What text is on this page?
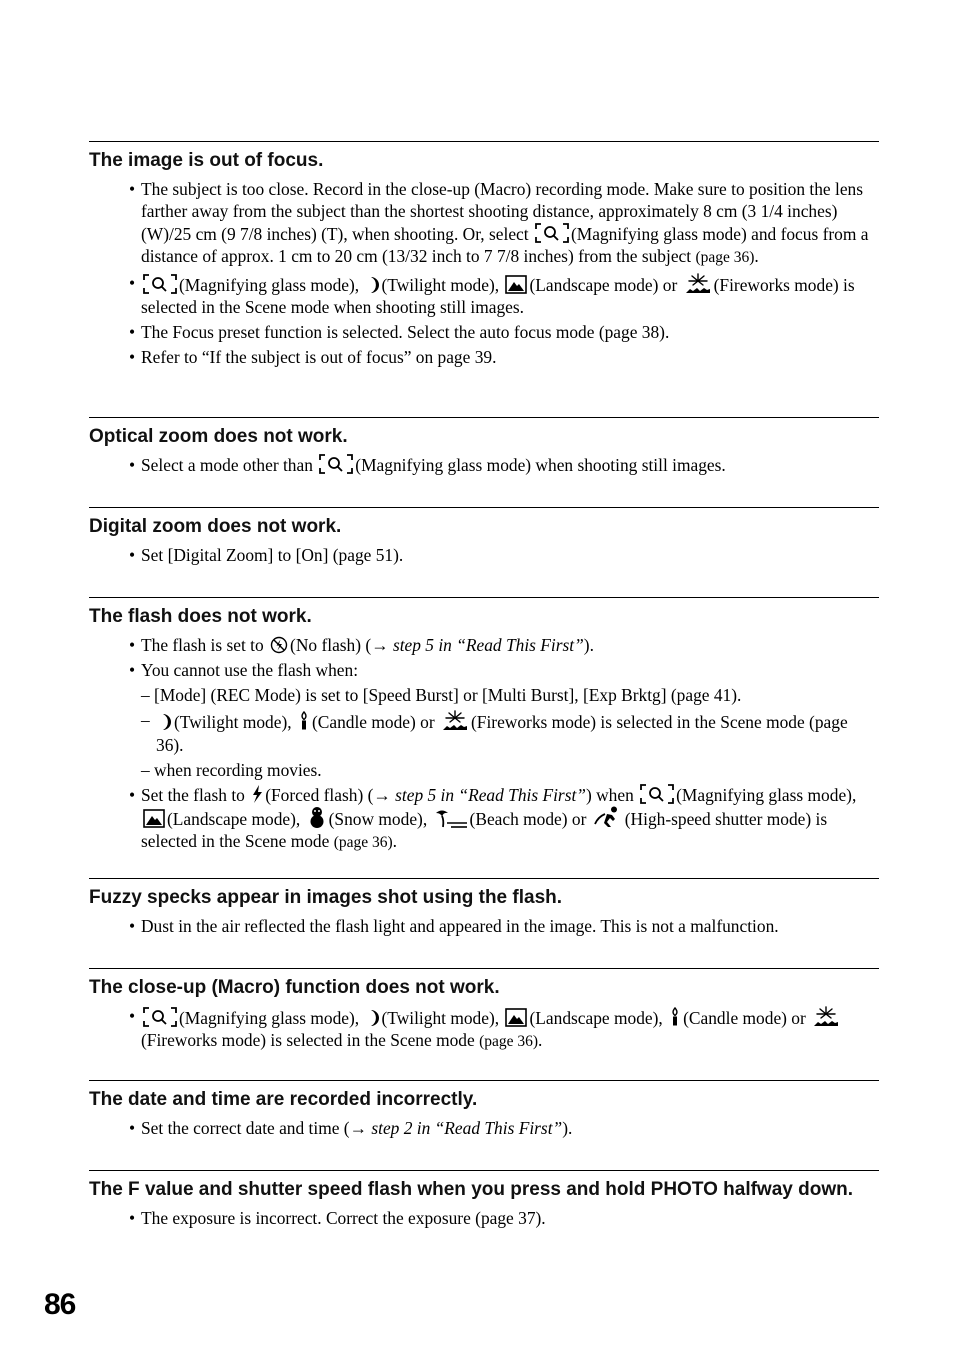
The image is out of focus.
• The subject is too close. Record in the close-up (Macro) recording mode. Make sure to position the lens farther away from the subject than the shortest shooting distance, approximately 8 cm (3 1/4 inches) (W)/25 cm (9 7/8 inches) (T), when shooting. Or, select (Magnifying glass mode) and focus from a distance of approx. 1 cm to 20 cm (13/32 inch to 7 7/8 inches) from the subject (page 36).
• (Magnifying glass mode), (Twilight mode), (Landscape mode) or (Fireworks mode) is selected in the Scene mode when shooting still images.
• The Focus preset function is selected. Select the auto focus mode (page 38).
• Refer to “If the subject is out of focus” on page 39.
Optical zoom does not work.
• Select a mode other than (Magnifying glass mode) when shooting still images.
Digital zoom does not work.
• Set [Digital Zoom] to [On] (page 51).
The flash does not work.
• The flash is set to (No flash) (→ step 5 in “Read This First”).
• You cannot use the flash when:
– [Mode] (REC Mode) is set to [Speed Burst] or [Multi Burst], [Exp Brktg] (page 41).
– (Twilight mode), (Candle mode) or (Fireworks mode) is selected in the Scene mode (page 36).
– when recording movies.
• Set the flash to (Forced flash) (→ step 5 in “Read This First”) when (Magnifying glass mode),
(Landscape mode), (Snow mode), (Beach mode) or (High-speed shutter mode) is selected in the Scene mode (page 36).
Fuzzy specks appear in images shot using the flash.
• Dust in the air reflected the flash light and appeared in the image. This is not a malfunction.
The close-up (Macro) function does not work.
• (Magnifying glass mode), (Twilight mode), (Landscape mode), (Candle mode) or
(Fireworks mode) is selected in the Scene mode (page 36).
The date and time are recorded incorrectly.
• Set the correct date and time (→ step 2 in “Read This First”).
The F value and shutter speed flash when you press and hold PHOTO halfway down.
• The exposure is incorrect. Correct the exposure (page 37).
86
